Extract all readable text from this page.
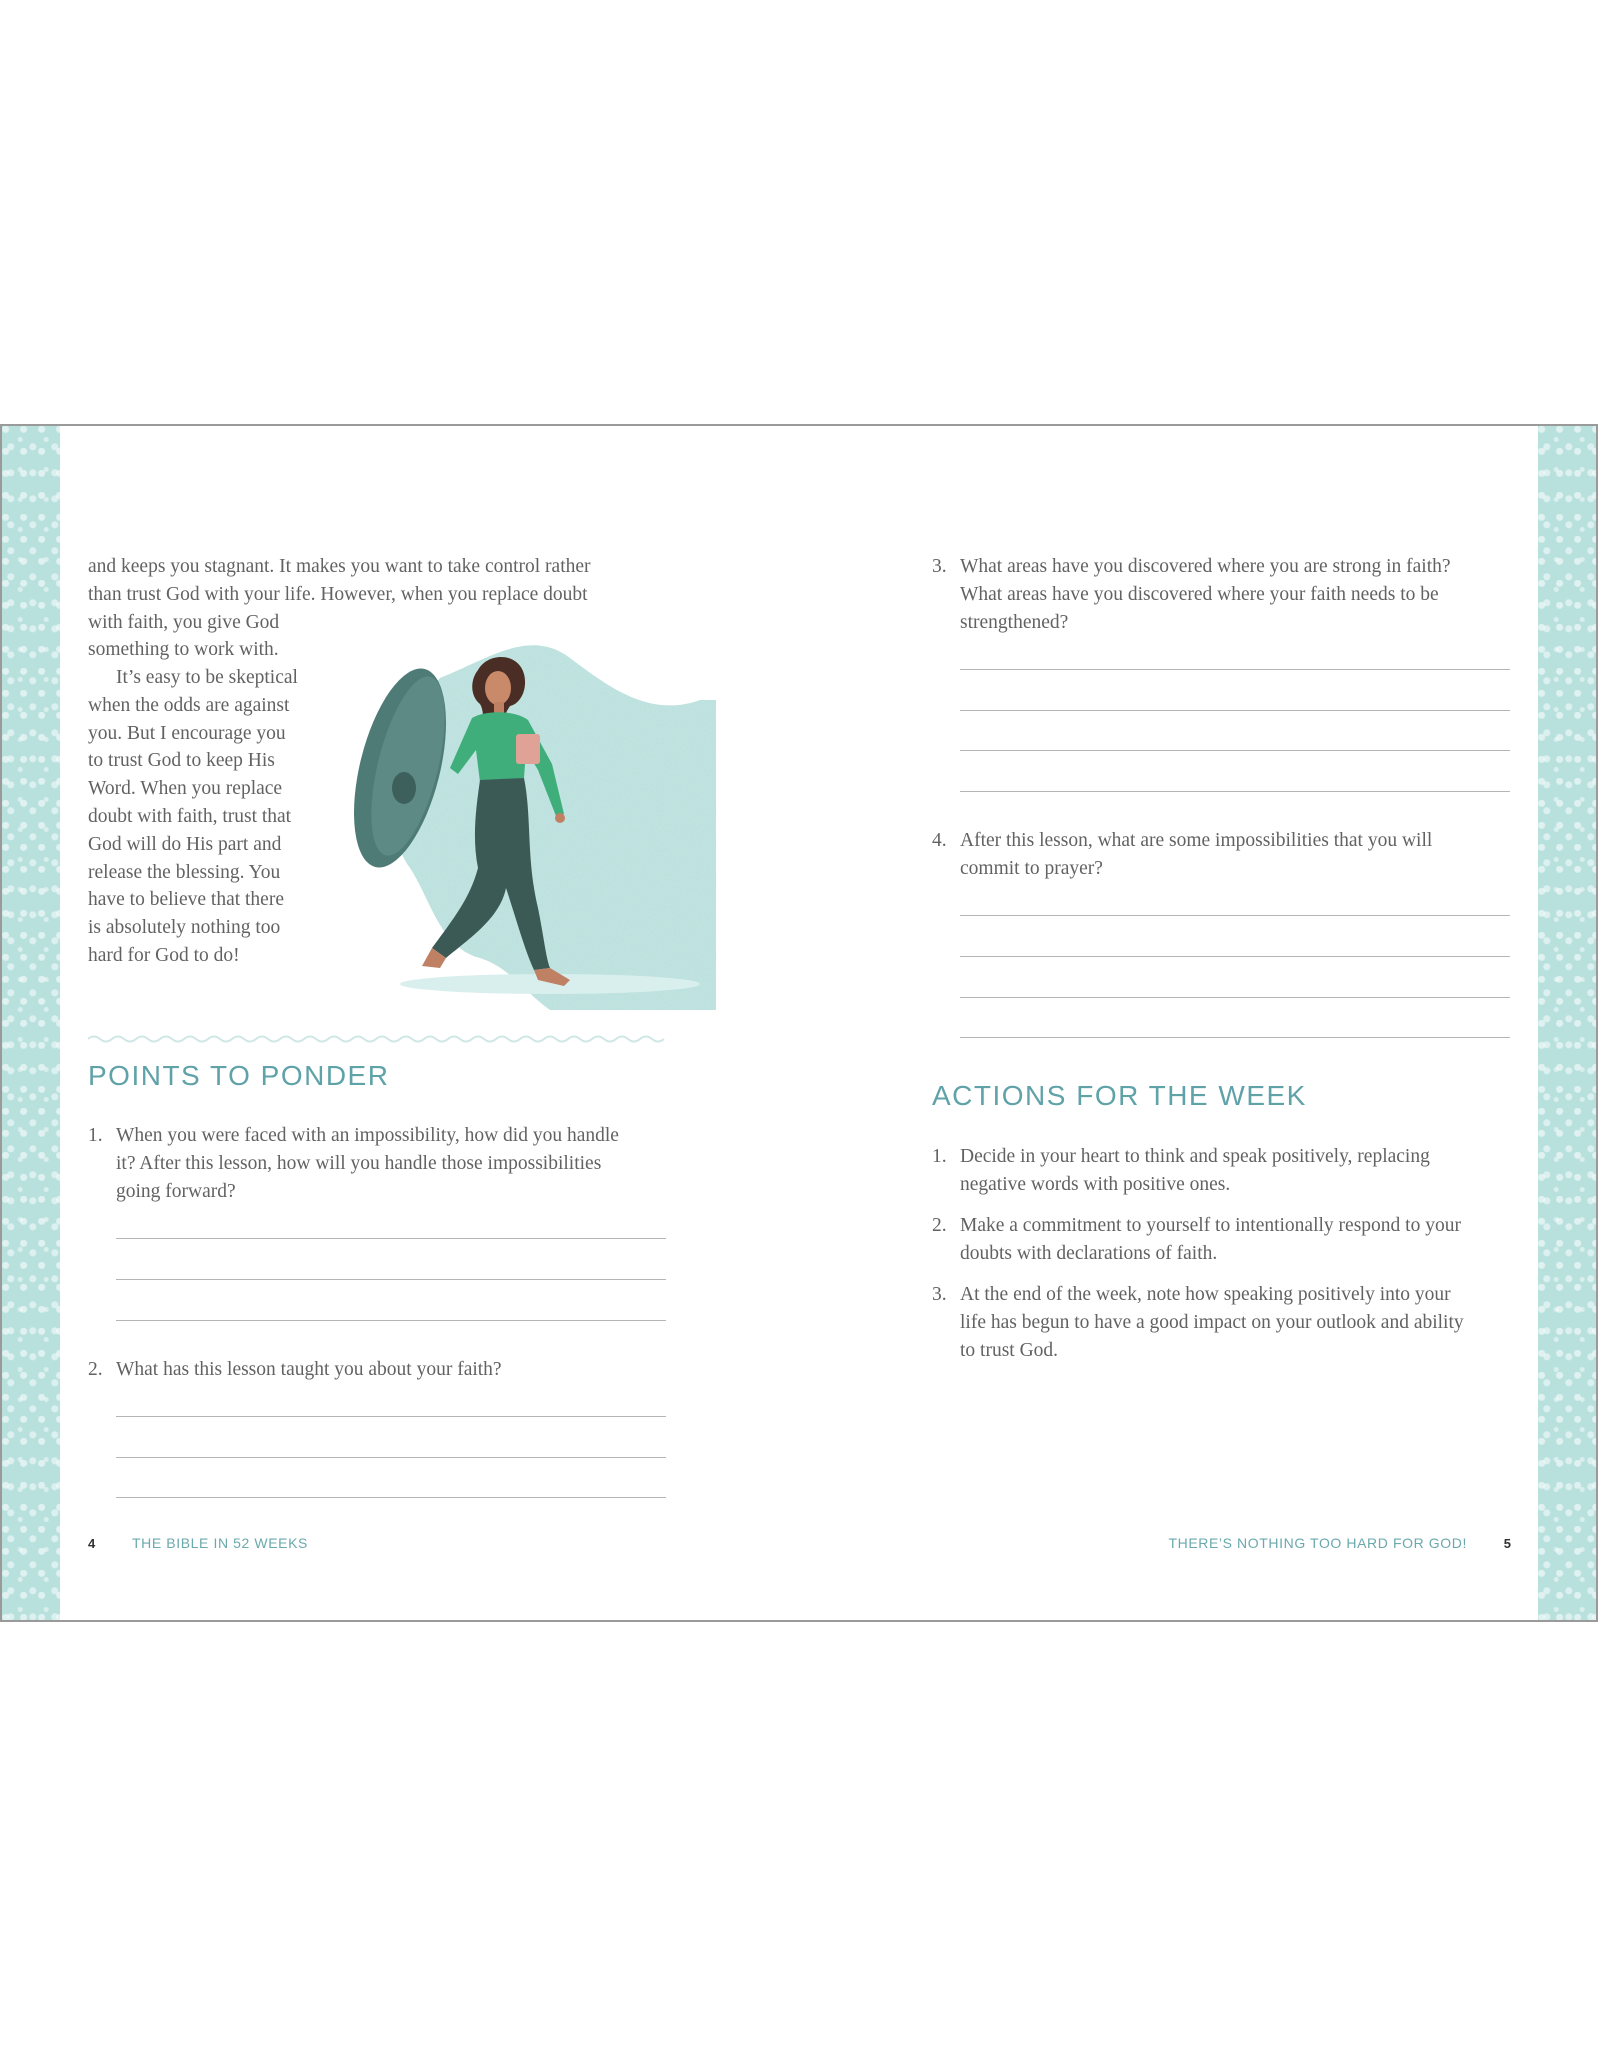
and keeps you stagnant. It makes you want to take control rather

than trust God with your life. However, when you replace doubt

with faith, you give God

something to work with.

It’s easy to be skeptical

when the odds are against

you. But I encourage you

to trust God to keep His

Word. When you replace

doubt with faith, trust that

God will do His part and

release the blessing. You

have to believe that there

is absolutely nothing too

hard for God to do!

POINTS TO PONDER
1. When you were faced with an impossibility, how did you handle
it? After this lesson, how will you handle those impossibilities
going forward?
2. What has this lesson taught you about your faith?
4	THE BIBLE IN 52 WEEKS
3. What areas have you discovered where you are strong in faith?
What areas have you discovered where your faith needs to be
strengthened?
4. After this lesson, what are some impossibilities that you will
commit to prayer?
ACTIONS FOR THE WEEK
1. Decide in your heart to think and speak positively, replacing
negative words with positive ones.
2. Make a commitment to yourself to intentionally respond to your
doubts with declarations of faith.
3. At the end of the week, note how speaking positively into your
life has begun to have a good impact on your outlook and ability
to trust God.
THERE’S NOTHING TOO HARD FOR GOD!	5
